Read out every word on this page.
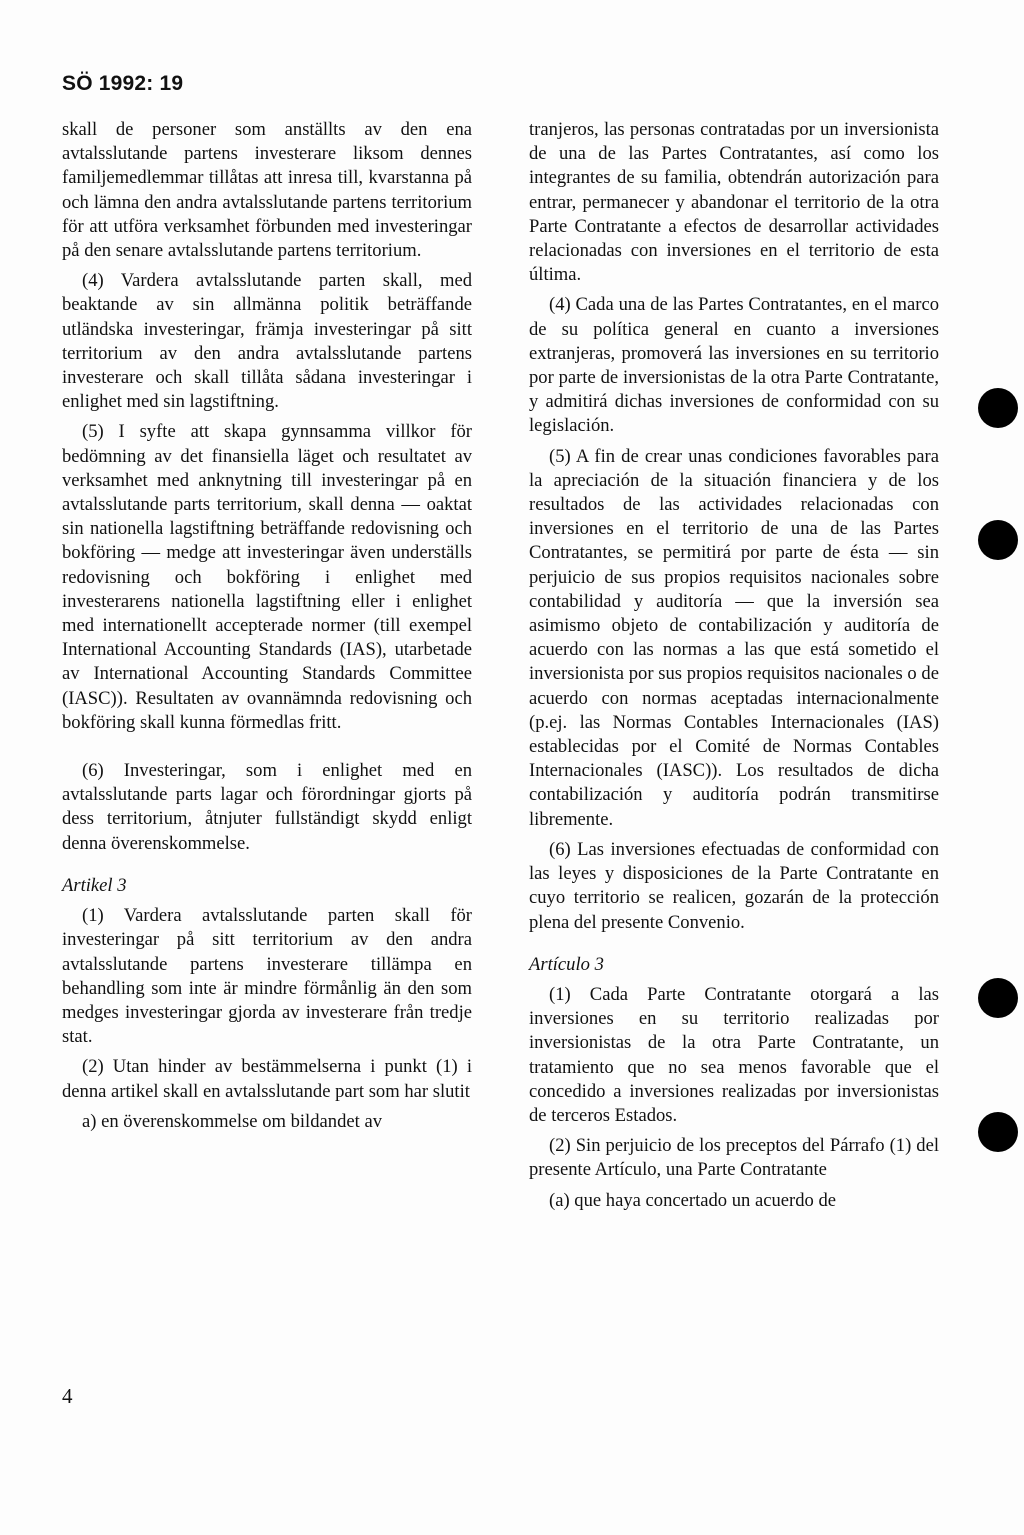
SÖ 1992: 19

skall de personer som anställts av den ena avtalsslutande partens investerare liksom dennes familjemedlemmar tillåtas att inresa till, kvarstanna på och lämna den andra avtalsslutande partens territorium för att utföra verksamhet förbunden med investeringar på den senare avtalsslutande partens territorium.

(4) Vardera avtalsslutande parten skall, med beaktande av sin allmänna politik beträffande utländska investeringar, främja investeringar på sitt territorium av den andra avtalsslutande partens investerare och skall tillåta sådana investeringar i enlighet med sin lagstiftning.

(5) I syfte att skapa gynnsamma villkor för bedömning av det finansiella läget och resultatet av verksamhet med anknytning till investeringar på en avtalsslutande parts territorium, skall denna — oaktat sin nationella lagstiftning beträffande redovisning och bokföring — medge att investeringar även underställs redovisning och bokföring i enlighet med investerarens nationella lagstiftning eller i enlighet med internationellt accepterade normer (till exempel International Accounting Standards (IAS), utarbetade av International Accounting Standards Committee (IASC)). Resultaten av ovannämnda redovisning och bokföring skall kunna förmedlas fritt.

(6) Investeringar, som i enlighet med en avtalsslutande parts lagar och förordningar gjorts på dess territorium, åtnjuter fullständigt skydd enligt denna överenskommelse.

Artikel 3

(1) Vardera avtalsslutande parten skall för investeringar på sitt territorium av den andra avtalsslutande partens investerare tillämpa en behandling som inte är mindre förmånlig än den som medges investeringar gjorda av investerare från tredje stat.

(2) Utan hinder av bestämmelserna i punkt (1) i denna artikel skall en avtalsslutande part som har slutit

a) en överenskommelse om bildandet av

tranjeros, las personas contratadas por un inversionista de una de las Partes Contratantes, así como los integrantes de su familia, obtendrán autorización para entrar, permanecer y abandonar el territorio de la otra Parte Contratante a efectos de desarrollar actividades relacionadas con inversiones en el territorio de esta última.

(4) Cada una de las Partes Contratantes, en el marco de su política general en cuanto a inversiones extranjeras, promoverá las inversiones en su territorio por parte de inversionistas de la otra Parte Contratante, y admitirá dichas inversiones de conformidad con su legislación.

(5) A fin de crear unas condiciones favorables para la apreciación de la situación financiera y de los resultados de las actividades relacionadas con inversiones en el territorio de una de las Partes Contratantes, se permitirá por parte de ésta — sin perjuicio de sus propios requisitos nacionales sobre contabilidad y auditoría — que la inversión sea asimismo objeto de contabilización y auditoría de acuerdo con las normas a las que está sometido el inversionista por sus propios requisitos nacionales o de acuerdo con normas aceptadas internacionalmente (p.ej. las Normas Contables Internacionales (IAS) establecidas por el Comité de Normas Contables Internacionales (IASC)). Los resultados de dicha contabilización y auditoría podrán transmitirse libremente.

(6) Las inversiones efectuadas de conformidad con las leyes y disposiciones de la Parte Contratante en cuyo territorio se realicen, gozarán de la protección plena del presente Convenio.

Artículo 3

(1) Cada Parte Contratante otorgará a las inversiones en su territorio realizadas por inversionistas de la otra Parte Contratante, un tratamiento que no sea menos favorable que el concedido a inversiones realizadas por inversionistas de terceros Estados.

(2) Sin perjuicio de los preceptos del Párrafo (1) del presente Artículo, una Parte Contratante

(a) que haya concertado un acuerdo de

4
